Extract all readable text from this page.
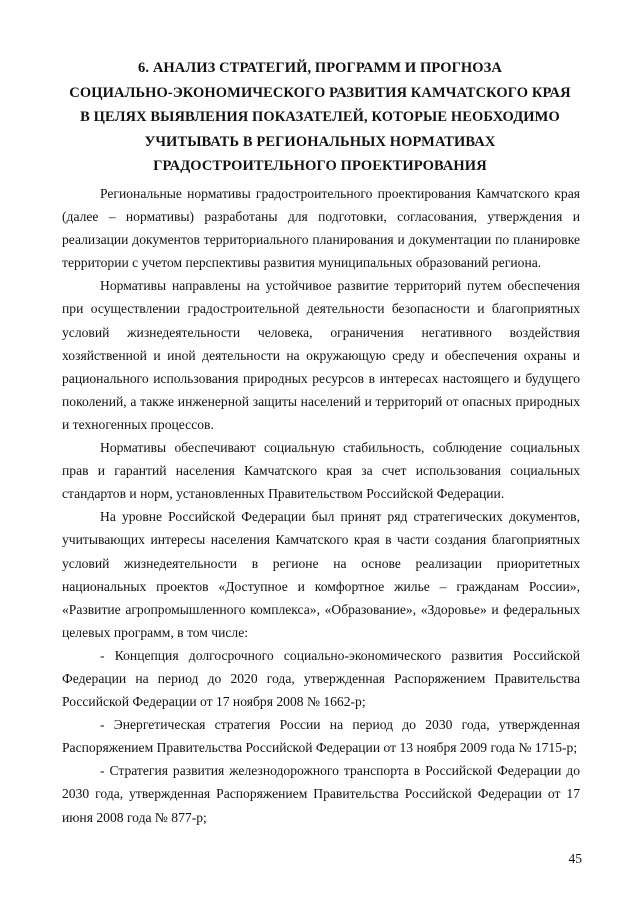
6. АНАЛИЗ СТРАТЕГИЙ, ПРОГРАММ И ПРОГНОЗА
СОЦИАЛЬНО-ЭКОНОМИЧЕСКОГО РАЗВИТИЯ КАМЧАТСКОГО КРАЯ
В ЦЕЛЯХ ВЫЯВЛЕНИЯ ПОКАЗАТЕЛЕЙ, КОТОРЫЕ НЕОБХОДИМО
УЧИТЫВАТЬ В РЕГИОНАЛЬНЫХ НОРМАТИВАХ
ГРАДОСТРОИТЕЛЬНОГО ПРОЕКТИРОВАНИЯ

Региональные нормативы градостроительного проектирования Камчатского края (далее – нормативы) разработаны для подготовки, согласования, утверждения и реализации документов территориального планирования и документации по планировке территории с учетом перспективы развития муниципальных образований региона.

Нормативы направлены на устойчивое развитие территорий путем обеспечения при осуществлении градостроительной деятельности безопасности и благоприятных условий жизнедеятельности человека, ограничения негативного воздействия хозяйственной и иной деятельности на окружающую среду и обеспечения охраны и рационального использования природных ресурсов в интересах настоящего и будущего поколений, а также инженерной защиты населений и территорий от опасных природных и техногенных процессов.

Нормативы обеспечивают социальную стабильность, соблюдение социальных прав и гарантий населения Камчатского края за счет использования социальных стандартов и норм, установленных Правительством Российской Федерации.

На уровне Российской Федерации был принят ряд стратегических документов, учитывающих интересы населения Камчатского края в части создания благоприятных условий жизнедеятельности в регионе на основе реализации приоритетных национальных проектов «Доступное и комфортное жилье – гражданам России», «Развитие агропромышленного комплекса», «Образование», «Здоровье» и федеральных целевых программ, в том числе:

- Концепция долгосрочного социально-экономического развития Российской Федерации на период до 2020 года, утвержденная Распоряжением Правительства Российской Федерации от 17 ноября 2008 № 1662-р;

- Энергетическая стратегия России на период до 2030 года, утвержденная Распоряжением Правительства Российской Федерации от 13 ноября 2009 года № 1715-р;

- Стратегия развития железнодорожного транспорта в Российской Федерации до 2030 года, утвержденная Распоряжением Правительства Российской Федерации от 17 июня 2008 года № 877-р;

45
